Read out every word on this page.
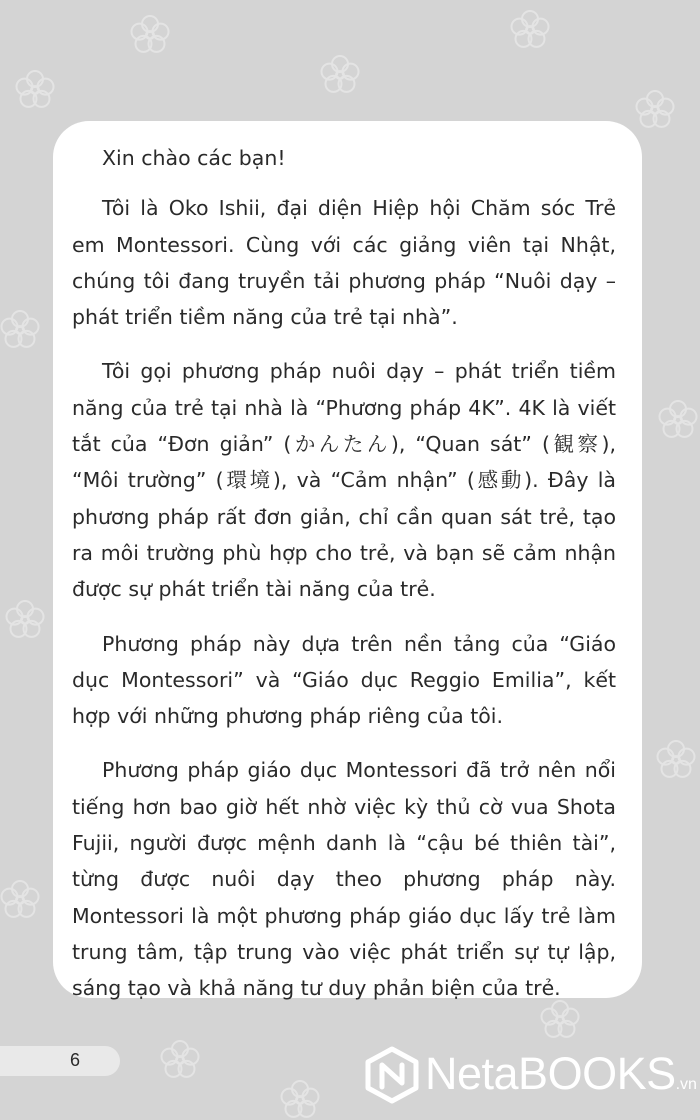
Xin chào các bạn!

Tôi là Oko Ishii, đại diện Hiệp hội Chăm sóc Trẻ em Montessori. Cùng với các giảng viên tại Nhật, chúng tôi đang truyền tải phương pháp “Nuôi dạy – phát triển tiềm năng của trẻ tại nhà”.

Tôi gọi phương pháp nuôi dạy – phát triển tiềm năng của trẻ tại nhà là “Phương pháp 4K”. 4K là viết tắt của “Đơn giản” (かんたん), “Quan sát” (観察), “Môi trường” (環境), và “Cảm nhận” (感動). Đây là phương pháp rất đơn giản, chỉ cần quan sát trẻ, tạo ra môi trường phù hợp cho trẻ, và bạn sẽ cảm nhận được sự phát triển tài năng của trẻ.

Phương pháp này dựa trên nền tảng của “Giáo dục Montessori” và “Giáo dục Reggio Emilia”, kết hợp với những phương pháp riêng của tôi.

Phương pháp giáo dục Montessori đã trở nên nổi tiếng hơn bao giờ hết nhờ việc kỳ thủ cờ vua Shota Fujii, người được mệnh danh là “cậu bé thiên tài”, từng được nuôi dạy theo phương pháp này. Montessori là một phương pháp giáo dục lấy trẻ làm trung tâm, tập trung vào việc phát triển sự tự lập, sáng tạo và khả năng tư duy phản biện của trẻ.

6	NetaBOOKS.vn
